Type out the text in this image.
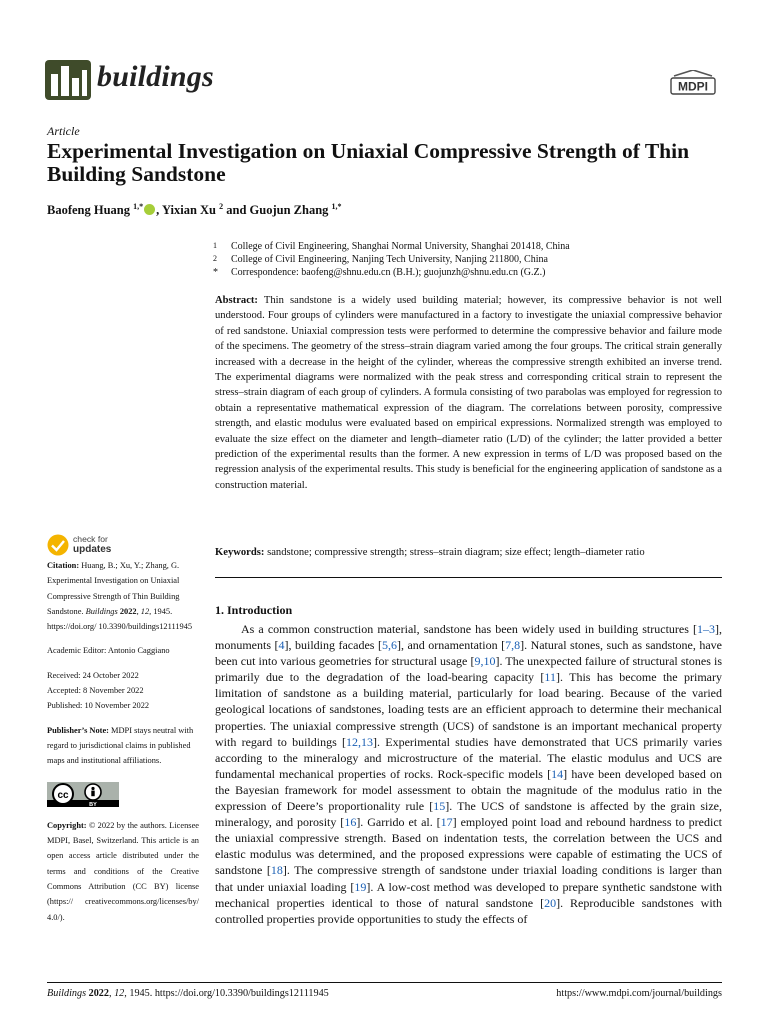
buildings	MDPI
Article
Experimental Investigation on Uniaxial Compressive Strength of Thin Building Sandstone
Baofeng Huang $^{1,*}$ , Yixian Xu $^2$ and Guojun Zhang $^{1,*}$
1 College of Civil Engineering, Shanghai Normal University, Shanghai 201418, China
2 College of Civil Engineering, Nanjing Tech University, Nanjing 211800, China
* Correspondence: baofeng@shnu.edu.cn (B.H.); guojunzh@shnu.edu.cn (G.Z.)
Abstract: Thin sandstone is a widely used building material; however, its compressive behavior is not well understood. Four groups of cylinders were manufactured in a factory to investigate the uniaxial compressive behavior of red sandstone. Uniaxial compression tests were performed to determine the compressive behavior and failure mode of the specimens. The geometry of the stress–strain diagram varied among the four groups. The critical strain generally increased with a decrease in the height of the cylinder, whereas the compressive strength exhibited an inverse trend. The experimental diagrams were normalized with the peak stress and corresponding critical strain to represent the stress–strain diagram of each group of cylinders. A formula consisting of two parabolas was employed for regression to obtain a representative mathematical expression of the diagram. The correlations between porosity, compressive strength, and elastic modulus were evaluated based on empirical expressions. Normalized strength was employed to evaluate the size effect on the diameter and length–diameter ratio (L/D) of the cylinder; the latter provided a better prediction of the experimental results than the former. A new expression in terms of L/D was proposed based on the regression analysis of the experimental results. This study is beneficial for the engineering application of sandstone as a construction material.
Keywords: sandstone; compressive strength; stress–strain diagram; size effect; length–diameter ratio
check for
updates
Citation: Huang, B.; Xu, Y.; Zhang, G. Experimental Investigation on Uniaxial Compressive Strength of Thin Building Sandstone. Buildings 2022, 12, 1945. https://doi.org/ 10.3390/buildings12111945
Academic Editor: Antonio Caggiano
Received: 24 October 2022
Accepted: 8 November 2022
Published: 10 November 2022
Publisher’s Note: MDPI stays neutral with regard to jurisdictional claims in published maps and institutional affiliations.
cc
BY
Copyright: © 2022 by the authors. Licensee MDPI, Basel, Switzerland. This article is an open access article distributed under the terms and conditions of the Creative Commons Attribution (CC BY) license (https:// creativecommons.org/licenses/by/ 4.0/).
1. Introduction
As a common construction material, sandstone has been widely used in building structures [1–3], monuments [4], building facades [5,6], and ornamentation [7,8]. Natural stones, such as sandstone, have been cut into various geometries for structural usage [9,10]. The unexpected failure of structural stones is primarily due to the degradation of the load-bearing capacity [11]. This has become the primary limitation of sandstone as a building material, particularly for load bearing. Because of the varied geological locations of sandstones, loading tests are an efficient approach to determine their mechanical properties. The uniaxial compressive strength (UCS) of sandstone is an important mechanical property with regard to buildings [12,13]. Experimental studies have demonstrated that UCS primarily varies according to the mineralogy and microstructure of the material. The elastic modulus and UCS are fundamental mechanical properties of rocks. Rock-specific models [14] have been developed based on the Bayesian framework for model assessment to obtain the magnitude of the modulus ratio in the expression of Deere’s proportionality rule [15]. The UCS of sandstone is affected by the grain size, mineralogy, and porosity [16]. Garrido et al. [17] employed point load and rebound hardness to predict the uniaxial compressive strength. Based on indentation tests, the correlation between the UCS and elastic modulus was determined, and the proposed expressions were capable of estimating the UCS of sandstone [18]. The compressive strength of sandstone under triaxial loading conditions is larger than that under uniaxial loading [19]. A low-cost method was developed to prepare synthetic sandstone with mechanical properties identical to those of natural sandstone [20]. Reproducible sandstones with controlled properties provide opportunities to study the effects of
Buildings 2022, 12, 1945. https://doi.org/10.3390/buildings12111945	https://www.mdpi.com/journal/buildings
